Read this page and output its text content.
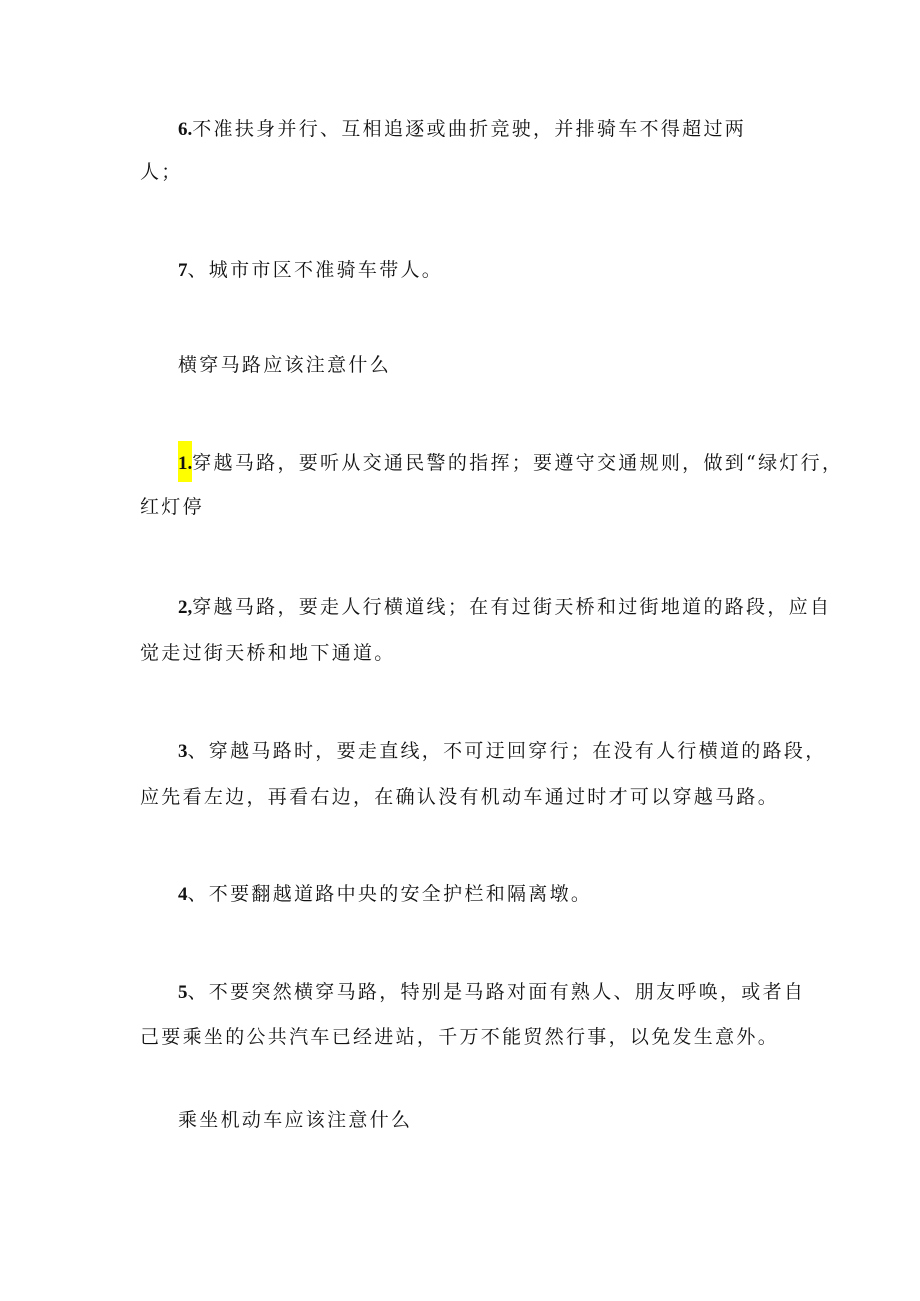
6.不准扶身并行、互相追逐或曲折竞驶，并排骑车不得超过两
人；
7、城市市区不准骑车带人。
横穿马路应该注意什么
1.穿越马路，要听从交通民警的指挥；要遵守交通规则，做到“绿灯行，
红灯停
2,穿越马路，要走人行横道线；在有过街天桥和过街地道的路段，应自
觉走过街天桥和地下通道。
3、穿越马路时，要走直线，不可迂回穿行；在没有人行横道的路段，
应先看左边，再看右边，在确认没有机动车通过时才可以穿越马路。
4、不要翻越道路中央的安全护栏和隔离墩。
5、不要突然横穿马路，特别是马路对面有熟人、朋友呼唤，或者自
己要乘坐的公共汽车已经进站，千万不能贸然行事，以免发生意外。
乘坐机动车应该注意什么
